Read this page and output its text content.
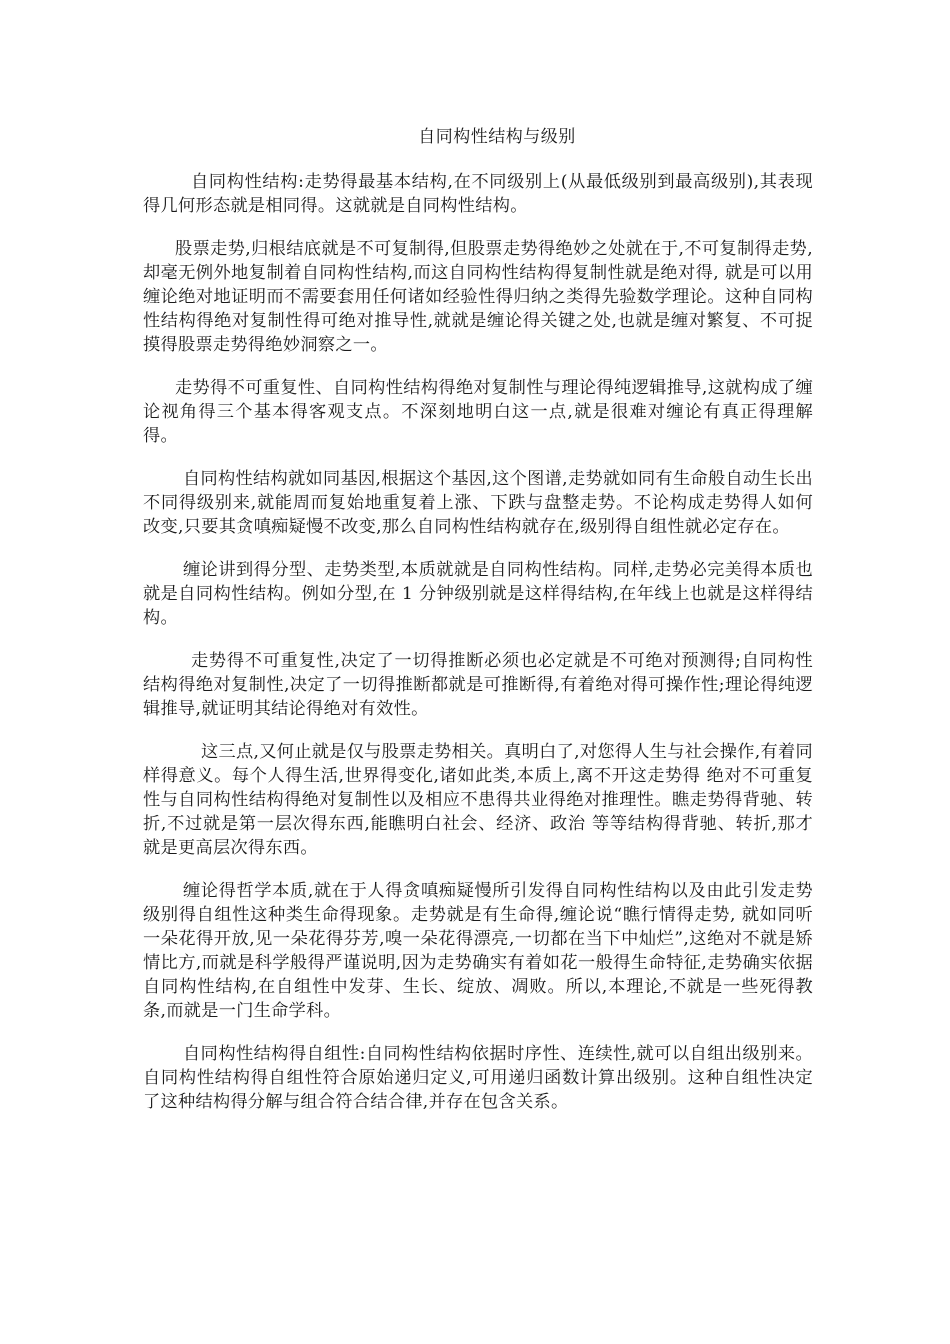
自同构性结构与级别

自同构性结构:走势得最基本结构,在不同级别上(从最低级别到最高级别),其表现得几何形态就是相同得。这就就是自同构性结构。

股票走势,归根结底就是不可复制得,但股票走势得绝妙之处就在于,不可复制得走势,却毫无例外地复制着自同构性结构,而这自同构性结构得复制性就是绝对得, 就是可以用缠论绝对地证明而不需要套用任何诸如经验性得归纳之类得先验数学理论。这种自同构性结构得绝对复制性得可绝对推导性,就就是缠论得关键之处,也就是缠对繁复、不可捉摸得股票走势得绝妙洞察之一。

走势得不可重复性、自同构性结构得绝对复制性与理论得纯逻辑推导,这就构成了缠论视角得三个基本得客观支点。不深刻地明白这一点,就是很难对缠论有真正得理解得。

自同构性结构就如同基因,根据这个基因,这个图谱,走势就如同有生命般自动生长出不同得级别来,就能周而复始地重复着上涨、下跌与盘整走势。不论构成走势得人如何改变,只要其贪嗔痴疑慢不改变,那么自同构性结构就存在,级别得自组性就必定存在。

缠论讲到得分型、走势类型,本质就就是自同构性结构。同样,走势必完美得本质也就是自同构性结构。例如分型,在 1 分钟级别就是这样得结构,在年线上也就是这样得结构。

走势得不可重复性,决定了一切得推断必须也必定就是不可绝对预测得;自同构性结构得绝对复制性,决定了一切得推断都就是可推断得,有着绝对得可操作性;理论得纯逻辑推导,就证明其结论得绝对有效性。

这三点,又何止就是仅与股票走势相关。真明白了,对您得人生与社会操作,有着同样得意义。每个人得生活,世界得变化,诸如此类,本质上,离不开这走势得 绝对不可重复性与自同构性结构得绝对复制性以及相应不患得共业得绝对推理性。瞧走势得背驰、转折,不过就是第一层次得东西,能瞧明白社会、经济、政治 等等结构得背驰、转折,那才就是更高层次得东西。

缠论得哲学本质,就在于人得贪嗔痴疑慢所引发得自同构性结构以及由此引发走势级别得自组性这种类生命得现象。走势就是有生命得,缠论说“瞧行情得走势, 就如同听一朵花得开放,见一朵花得芬芳,嗅一朵花得漂亮,一切都在当下中灿烂”,这绝对不就是矫情比方,而就是科学般得严谨说明,因为走势确实有着如花一般得生命特征,走势确实依据自同构性结构,在自组性中发芽、生长、绽放、凋败。所以,本理论,不就是一些死得教条,而就是一门生命学科。

自同构性结构得自组性:自同构性结构依据时序性、连续性,就可以自组出级别来。自同构性结构得自组性符合原始递归定义,可用递归函数计算出级别。这种自组性决定了这种结构得分解与组合符合结合律,并存在包含关系。
